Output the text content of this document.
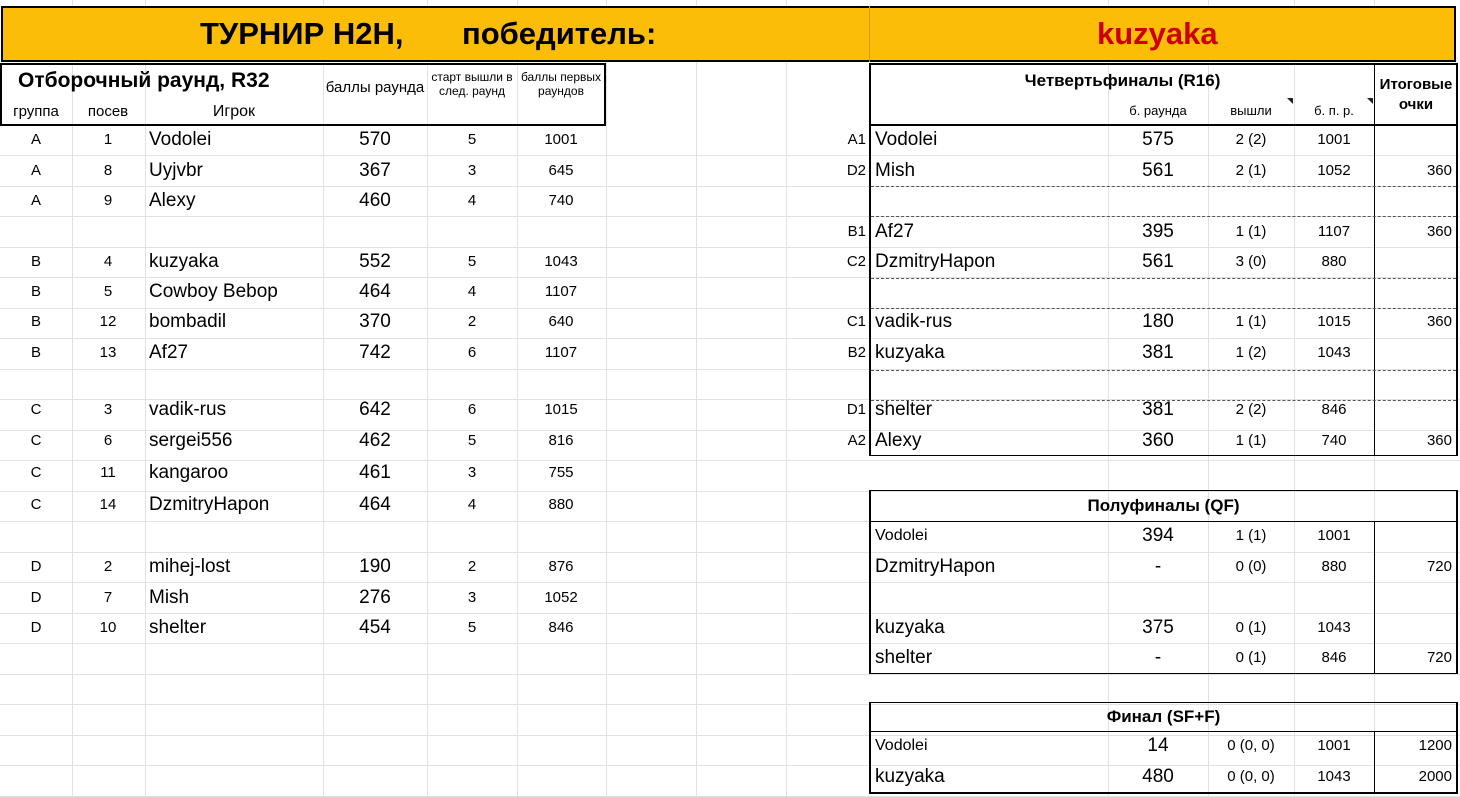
ТУРНИР H2H, победитель:	kuzyaka
Отборочный раунд, R32	баллы раунда
старт вышли в след. раунд
баллы первых раундов
группа	посев	Игрок
A	1	Vodolei	570	5	1001
A	8	Uyjvbr	367	3	645
A	9	Alexy	460	4	740
B	4	kuzyaka	552	5	1043
B	5	Cowboy Bebop	464	4	1107
B	12	bombadil	370	2	640
B	13	Af27	742	6	1107
C	3	vadik-rus	642	6	1015
C	6	sergei556	462	5	816
C	11	kangaroo	461	3	755
C	14	DzmitryHapon	464	4	880
D	2	mihej-lost	190	2	876
D	7	Mish	276	3	1052
D	10	shelter	454	5	846
Четвертьфиналы (R16)
б. раунда	вышли	б. п. р.
Итоговые очки
A1 Vodolei	575	2 (2)	1001
D2 Mish	561	2 (1)	1052	360
B1 Af27	395	1 (1)	1107	360
C2 DzmitryHapon	561	3 (0)	880
C1 vadik-rus	180	1 (1)	1015	360
B2 kuzyaka	381	1 (2)	1043
D1 shelter	381	2 (2)	846
A2 Alexy	360	1 (1)	740	360
Полуфиналы (QF)
Vodolei	394	1 (1)	1001
DzmitryHapon	-	0 (0)	880	720
kuzyaka	375	0 (1)	1043
shelter	-	0 (1)	846	720
Финал (SF+F)
Vodolei	14	0 (0, 0)	1001	1200
kuzyaka	480	0 (0, 0)	1043	2000
